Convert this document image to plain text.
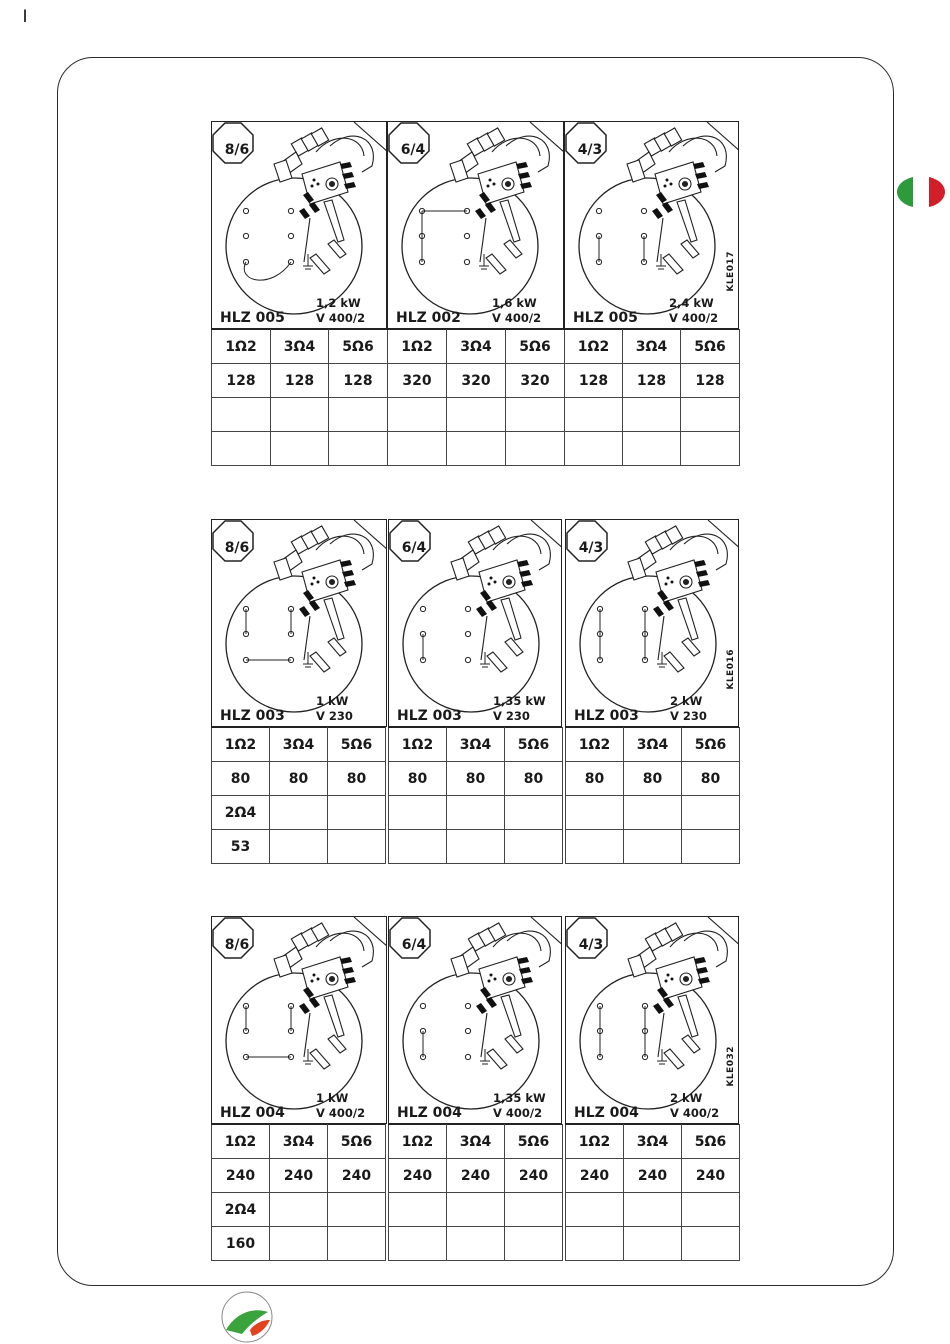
I
8/6
1,2 kW
V 400/2
HLZ 005
6/4
1,6 kW
V 400/2
HLZ 002
4/3
2,4 kW
V 400/2
HLZ 005
KLE017
1Ω2	3Ω4	5Ω6
128	128	128

1Ω2	3Ω4	5Ω6
320	320	320

1Ω2	3Ω4	5Ω6
128	128	128

8/6
1 kW
V 230
HLZ 003
6/4
1,35 kW
V 230
HLZ 003
4/3
2 kW
V 230
HLZ 003
KLE016
1Ω2	3Ω4	5Ω6
80	80	80
2Ω4		
53		
1Ω2	3Ω4	5Ω6
80	80	80

1Ω2	3Ω4	5Ω6
80	80	80

8/6
1 kW
V 400/2
HLZ 004
6/4
1,35 kW
V 400/2
HLZ 004
4/3
2 kW
V 400/2
HLZ 004
KLE032
1Ω2	3Ω4	5Ω6
240	240	240
2Ω4		
160		
1Ω2	3Ω4	5Ω6
240	240	240

1Ω2	3Ω4	5Ω6
240	240	240
